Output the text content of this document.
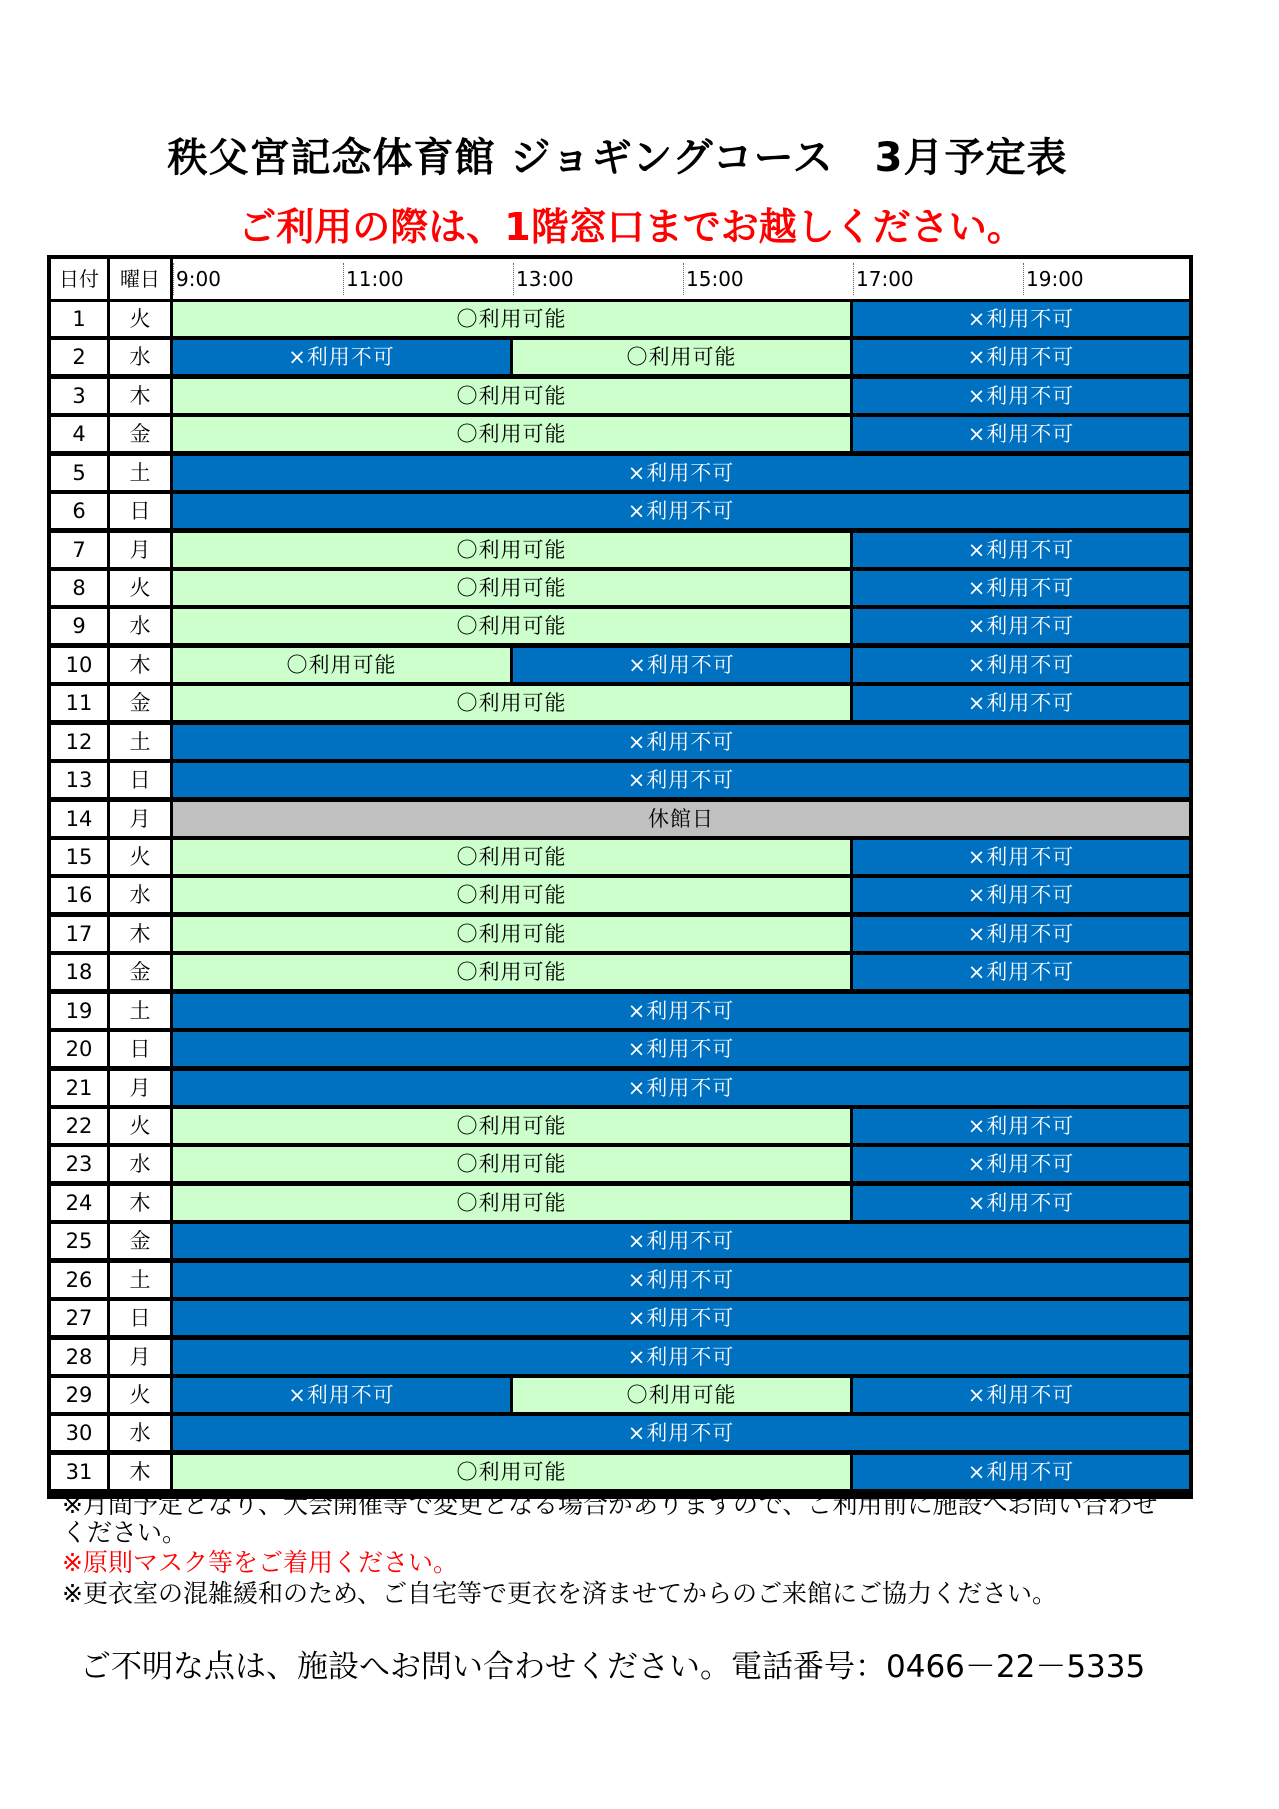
秩父宮記念体育館 ジョギングコース　3月予定表
ご利用の際は、1階窓口までお越しください。
日付	曜日 9:00	11:00	13:00	15:00	17:00	19:00
1	火	〇利用可能	×利用不可
2	水	×利用不可	〇利用可能	×利用不可
3	木	〇利用可能	×利用不可
4	金	〇利用可能	×利用不可
5	土	×利用不可
6	日	×利用不可
7	月	〇利用可能	×利用不可
8	火	〇利用可能	×利用不可
9	水	〇利用可能	×利用不可
10	木	〇利用可能	×利用不可	×利用不可
11	金	〇利用可能	×利用不可
12	土	×利用不可
13	日	×利用不可
14	月	休館日
15	火	〇利用可能	×利用不可
16	水	〇利用可能	×利用不可
17	木	〇利用可能	×利用不可
18	金	〇利用可能	×利用不可
19	土	×利用不可
20	日	×利用不可
21	月	×利用不可
22	火	〇利用可能	×利用不可
23	水	〇利用可能	×利用不可
24	木	〇利用可能	×利用不可
25	金	×利用不可
26	土	×利用不可
27	日	×利用不可
28	月	×利用不可
29	火	×利用不可	〇利用可能	×利用不可
30	水	×利用不可
31	木	〇利用可能	×利用不可
※月間予定となり、大会開催等で変更となる場合がありますので、ご利用前に施設へお問い合わせ
ください。
※原則マスク等をご着用ください。
※更衣室の混雑緩和のため、ご自宅等で更衣を済ませてからのご来館にご協力ください。
ご不明な点は、施設へお問い合わせください。電話番号：0466－22－5335
